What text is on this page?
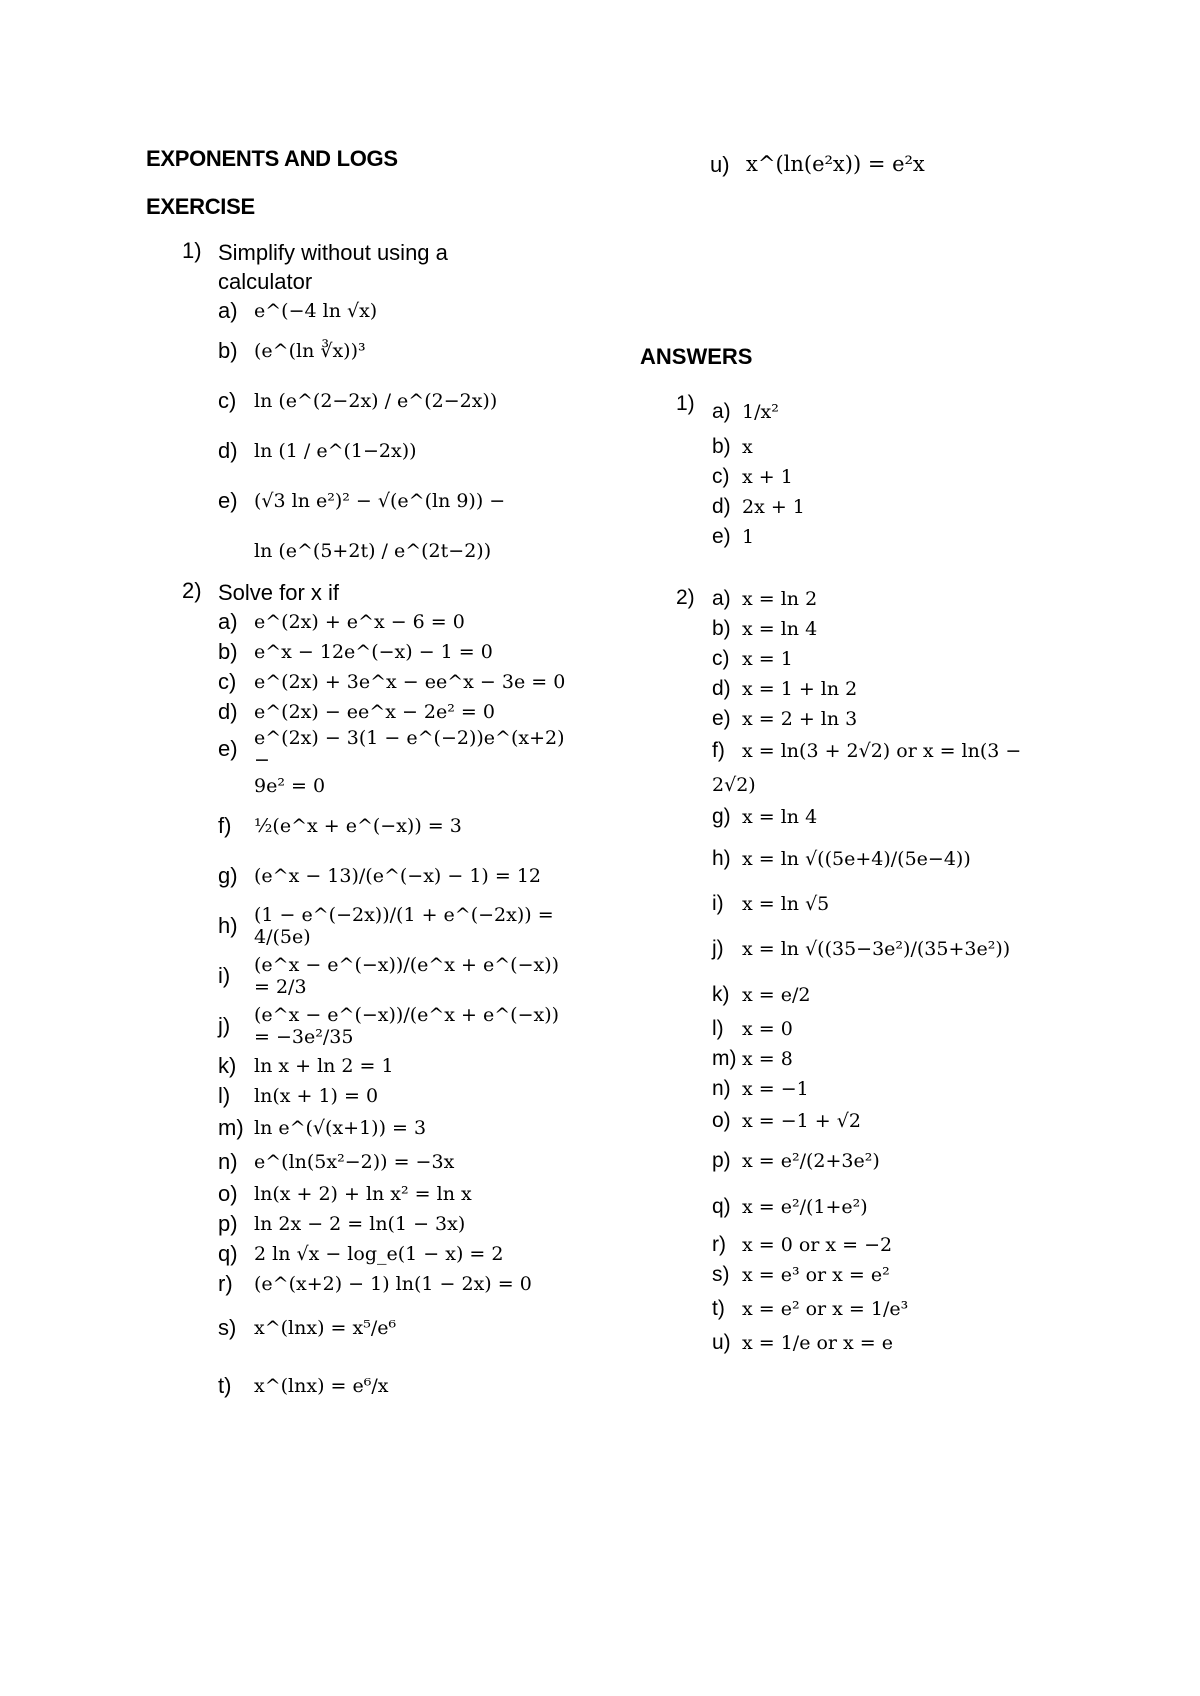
EXPONENTS AND LOGS
EXERCISE
1) Simplify without using a calculator
a) e^(−4 ln √x)
b) (e^(ln ∛x))³
c) ln (e^(2−2x) / e^(2−2x))
d) ln (1 / e^(1−2x))
e) (√3 ln e²)² − √(e^(ln 9)) −
ln (e^(5+2t) / e^(2t−2))
2) Solve for x if
a) e^(2x) + e^x − 6 = 0
b) e^x − 12e^(−x) − 1 = 0
c) e^(2x) + 3e^x − ee^x − 3e = 0
d) e^(2x) − ee^x − 2e² = 0
e) e^(2x) − 3(1 − e^(−2))e^(x+2) −
9e² = 0
f)	½(e^x + e^(−x)) = 3
g) (e^x − 13)/(e^(−x) − 1) = 12
h) (1 − e^(−2x))/(1 + e^(−2x)) = 4/(5e)
i)	(e^x − e^(−x))/(e^x + e^(−x)) = 2/3
j)	(e^x − e^(−x))/(e^x + e^(−x)) = −3e²/35
k) ln x + ln 2 = 1
l)	ln(x + 1) = 0
m) ln e^(√(x+1)) = 3
n) e^(ln(5x²−2)) = −3x
o) ln(x + 2) + ln x² = ln x
p) ln 2x − 2 = ln(1 − 3x)
q) 2 ln √x − log_e(1 − x) = 2
r)	(e^(x+2) − 1) ln(1 − 2x) = 0
s) x^(lnx) = x⁵/e⁶
t)	x^(lnx) = e⁶/x
u) x^(ln(e²x)) = e²x
ANSWERS
1) a) 1/x²
b) x
c) x + 1
d) 2x + 1
e) 1
2) a) x = ln 2
b) x = ln 4
c) x = 1
d) x = 1 + ln 2
e) x = 2 + ln 3
f) x = ln(3 + 2√2) or x = ln(3 −
2√2)
g) x = ln 4
h) x = ln √((5e+4)/(5e−4))
i) x = ln √5
j) x = ln √((35−3e²)/(35+3e²))
k) x = e/2
l) x = 0
m) x = 8
n) x = −1
o) x = −1 + √2
p) x = e²/(2+3e²)
q) x = e²/(1+e²)
r) x = 0 or x = −2
s) x = e³ or x = e²
t) x = e² or x = 1/e³
u) x = 1/e or x = e
